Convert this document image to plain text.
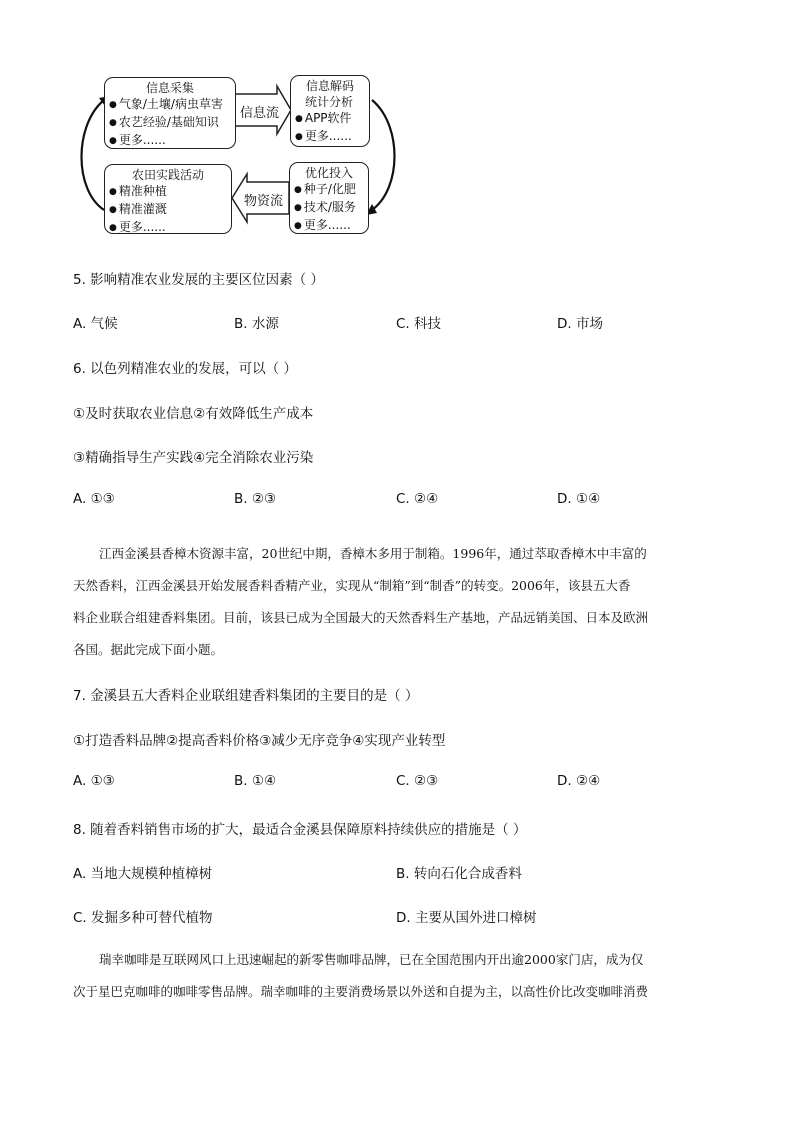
信息流
物资流
信息采集
● 气象/土壤/病虫草害
● 农艺经验/基础知识
● 更多......
信息解码
统计分析
● APP软件
● 更多......
优化投入
● 种子/化肥
● 技术/服务
● 更多......
农田实践活动
● 精准种植
● 精准灌溉
● 更多......
5. 影响精准农业发展的主要区位因素（ ）
A. 气候	B. 水源	C. 科技	D. 市场
6. 以色列精准农业的发展，可以（ ）
①及时获取农业信息②有效降低生产成本
③精确指导生产实践④完全消除农业污染
A. ①③	B. ②③	C. ②④	D. ①④
江西金溪县香樟木资源丰富，20世纪中期，香樟木多用于制箱。1996年，通过萃取香樟木中丰富的
天然香料，江西金溪县开始发展香料香精产业，实现从“制箱”到“制香”的转变。2006年，该县五大香
料企业联合组建香料集团。目前，该县已成为全国最大的天然香料生产基地，产品远销美国、日本及欧洲
各国。据此完成下面小题。
7. 金溪县五大香料企业联组建香料集团的主要目的是（ ）
①打造香料品牌②提高香料价格③减少无序竞争④实现产业转型
A. ①③	B. ①④	C. ②③	D. ②④
8. 随着香料销售市场的扩大，最适合金溪县保障原料持续供应的措施是（ ）
A. 当地大规模种植樟树	B. 转向石化合成香料
C. 发掘多种可替代植物	D. 主要从国外进口樟树
瑞幸咖啡是互联网风口上迅速崛起的新零售咖啡品牌，已在全国范围内开出逾2000家门店，成为仅
次于星巴克咖啡的咖啡零售品牌。瑞幸咖啡的主要消费场景以外送和自提为主，以高性价比改变咖啡消费
